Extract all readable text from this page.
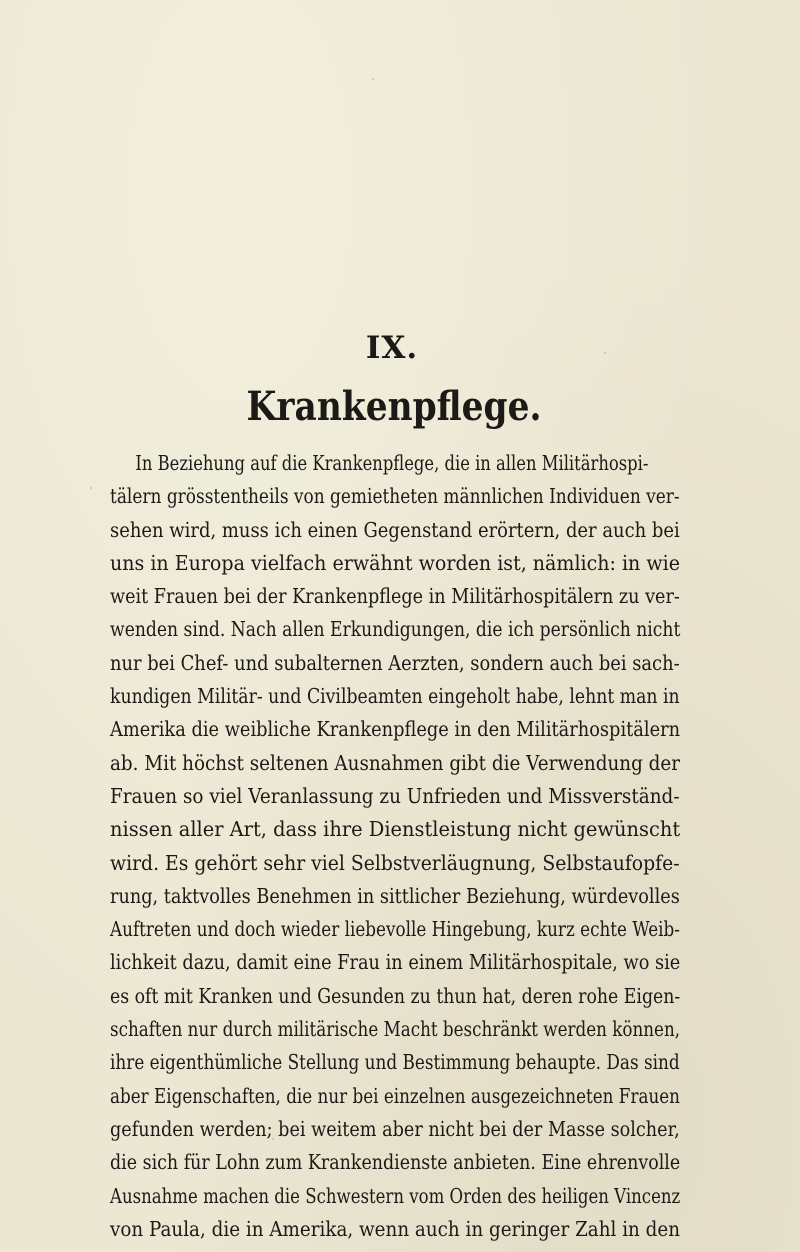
IX.
Krankenpflege.
In Beziehung auf die Krankenpflege, die in allen Militärhospi-
tälern grösstentheils von gemietheten männlichen Individuen ver-
sehen wird, muss ich einen Gegenstand erörtern, der auch bei
uns in Europa vielfach erwähnt worden ist, nämlich: in wie
weit Frauen bei der Krankenpflege in Militärhospitälern zu ver-
wenden sind. Nach allen Erkundigungen, die ich persönlich nicht
nur bei Chef- und subalternen Aerzten, sondern auch bei sach-
kundigen Militär- und Civilbeamten eingeholt habe, lehnt man in
Amerika die weibliche Krankenpflege in den Militärhospitälern
ab. Mit höchst seltenen Ausnahmen gibt die Verwendung der
Frauen so viel Veranlassung zu Unfrieden und Missverständ-
nissen aller Art, dass ihre Dienstleistung nicht gewünscht
wird. Es gehört sehr viel Selbstverläugnung, Selbstaufopfe-
rung, taktvolles Benehmen in sittlicher Beziehung, würdevolles
Auftreten und doch wieder liebevolle Hingebung, kurz echte Weib-
lichkeit dazu, damit eine Frau in einem Militärhospitale, wo sie
es oft mit Kranken und Gesunden zu thun hat, deren rohe Eigen-
schaften nur durch militärische Macht beschränkt werden können,
ihre eigenthümliche Stellung und Bestimmung behaupte. Das sind
aber Eigenschaften, die nur bei einzelnen ausgezeichneten Frauen
gefunden werden; bei weitem aber nicht bei der Masse solcher,
die sich für Lohn zum Krankendienste anbieten. Eine ehrenvolle
Ausnahme machen die Schwestern vom Orden des heiligen Vincenz
von Paula, die in Amerika, wenn auch in geringer Zahl in den
